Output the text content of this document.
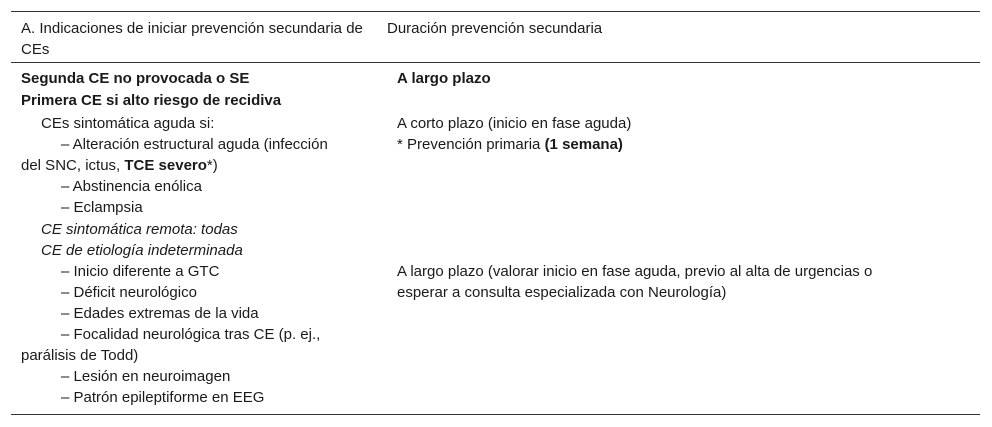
A. Indicaciones de iniciar prevención secundaria de CEs
Duración prevención secundaria
Segunda CE no provocada o SE
Primera CE si alto riesgo de recidiva
CEs sintomática aguda si:
– Alteración estructural aguda (infección
del SNC, ictus, TCE severo*)
– Abstinencia enólica
– Eclampsia
CE sintomática remota: todas
CE de etiología indeterminada
– Inicio diferente a GTC
– Déficit neurológico
– Edades extremas de la vida
– Focalidad neurológica tras CE (p. ej.,
parálisis de Todd)
– Lesión en neuroimagen
– Patrón epileptiforme en EEG
A largo plazo
A corto plazo (inicio en fase aguda)
* Prevención primaria (1 semana)
A largo plazo (valorar inicio en fase aguda, previo al alta de urgencias o
esperar a consulta especializada con Neurología)
